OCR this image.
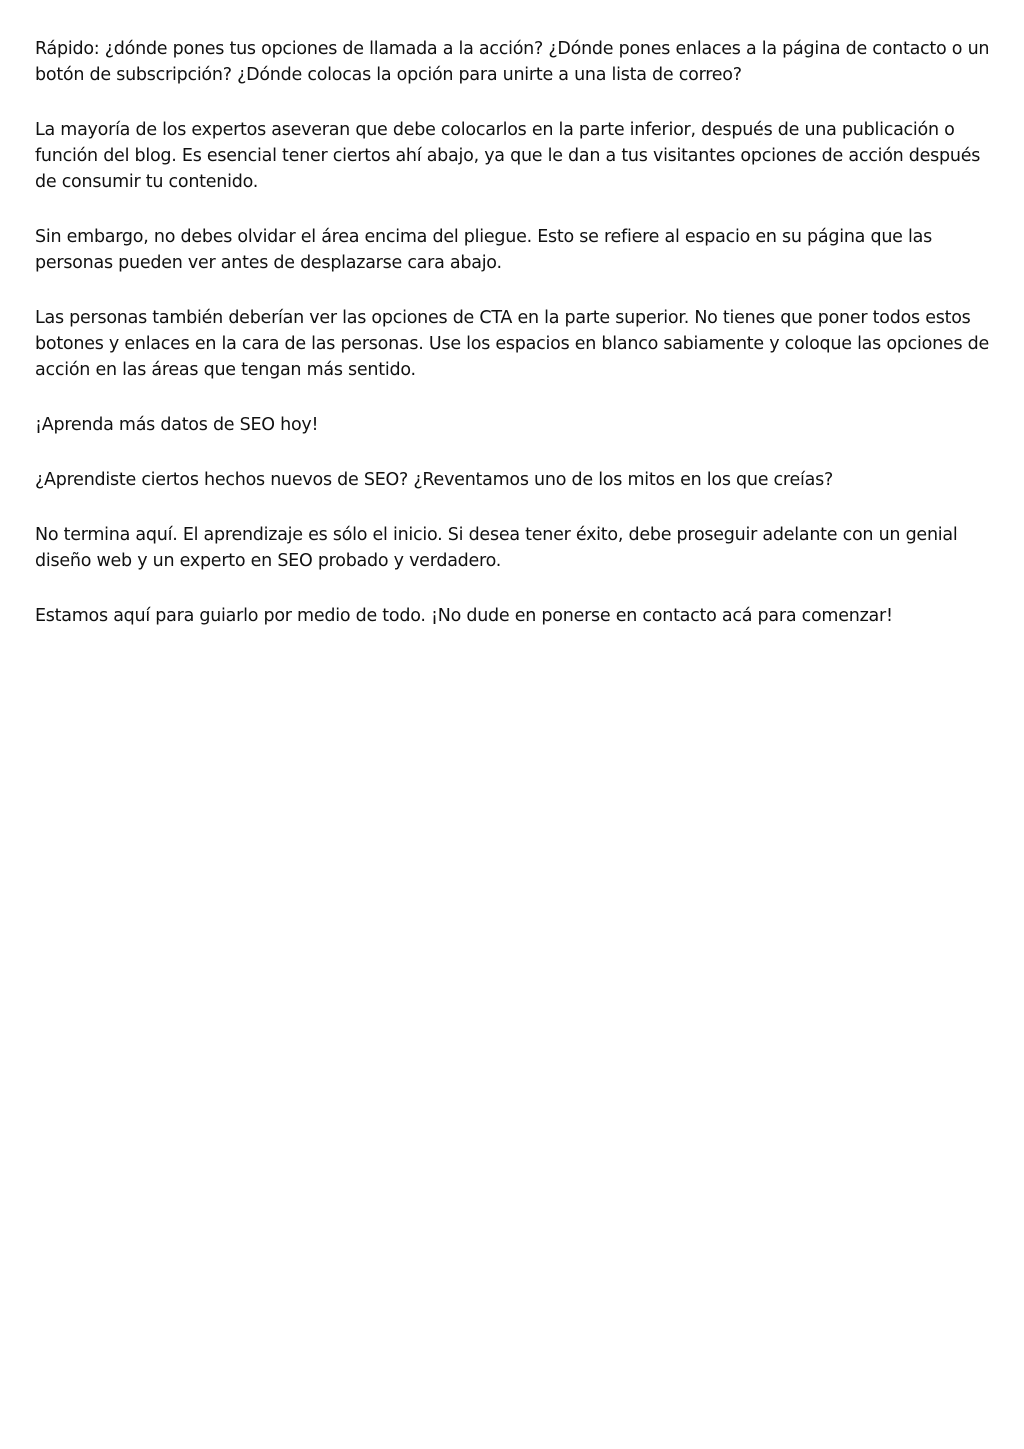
Rápido: ¿dónde pones tus opciones de llamada a la acción? ¿Dónde pones enlaces a la página de contacto o un botón de subscripción? ¿Dónde colocas la opción para unirte a una lista de correo?

La mayoría de los expertos aseveran que debe colocarlos en la parte inferior, después de una publicación o función del blog. Es esencial tener ciertos ahí abajo, ya que le dan a tus visitantes opciones de acción después de consumir tu contenido.

Sin embargo, no debes olvidar el área encima del pliegue. Esto se refiere al espacio en su página que las personas pueden ver antes de desplazarse cara abajo.

Las personas también deberían ver las opciones de CTA en la parte superior. No tienes que poner todos estos botones y enlaces en la cara de las personas. Use los espacios en blanco sabiamente y coloque las opciones de acción en las áreas que tengan más sentido.

¡Aprenda más datos de SEO hoy!

¿Aprendiste ciertos hechos nuevos de SEO? ¿Reventamos uno de los mitos en los que creías?

No termina aquí. El aprendizaje es sólo el inicio. Si desea tener éxito, debe proseguir adelante con un genial diseño web y un experto en SEO probado y verdadero.

Estamos aquí para guiarlo por medio de todo. ¡No dude en ponerse en contacto acá para comenzar!
